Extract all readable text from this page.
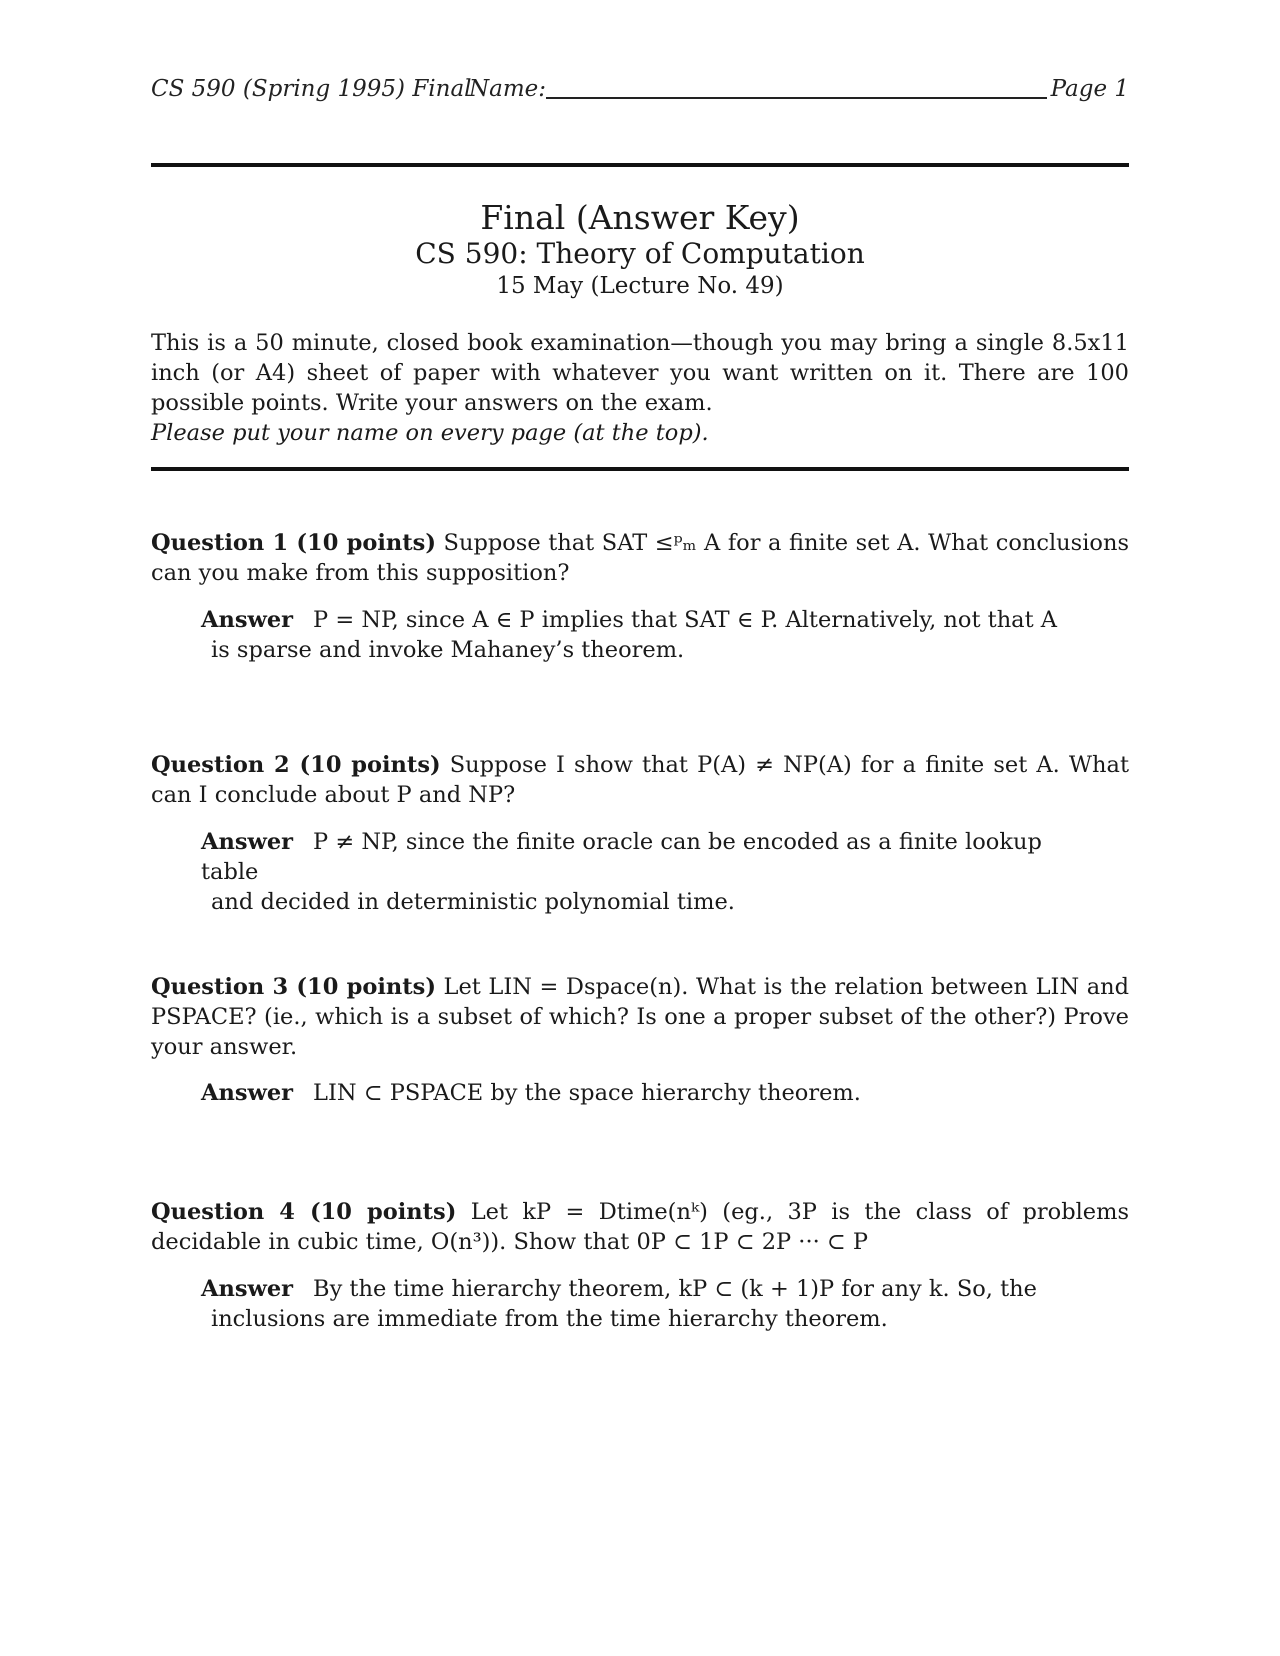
CS 590 (Spring 1995) Final
Name:	Page 1
Final (Answer Key)
CS 590: Theory of Computation
15 May (Lecture No. 49)
This is a 50 minute, closed book examination—though you may bring a single 8.5x11 inch (or A4) sheet of paper with whatever you want written on it. There are 100 possible points. Write your answers on the exam.
Please put your name on every page (at the top).
Question 1 (10 points) Suppose that SAT ≤ᵖₘ A for a finite set A. What conclusions can you make from this supposition?
Answer P = NP, since A ∈ P implies that SAT ∈ P. Alternatively, not that A
is sparse and invoke Mahaney’s theorem.
Question 2 (10 points) Suppose I show that P(A) ≠ NP(A) for a finite set A. What can I conclude about P and NP?
Answer P ≠ NP, since the finite oracle can be encoded as a finite lookup table
and decided in deterministic polynomial time.
Question 3 (10 points) Let LIN = Dspace(n). What is the relation between LIN and PSPACE? (ie., which is a subset of which? Is one a proper subset of the other?) Prove your answer.
Answer LIN ⊂ PSPACE by the space hierarchy theorem.
Question 4 (10 points) Let kP = Dtime(nᵏ) (eg., 3P is the class of problems decidable in cubic time, O(n³)). Show that 0P ⊂ 1P ⊂ 2P ··· ⊂ P
Answer By the time hierarchy theorem, kP ⊂ (k + 1)P for any k. So, the
inclusions are immediate from the time hierarchy theorem.
